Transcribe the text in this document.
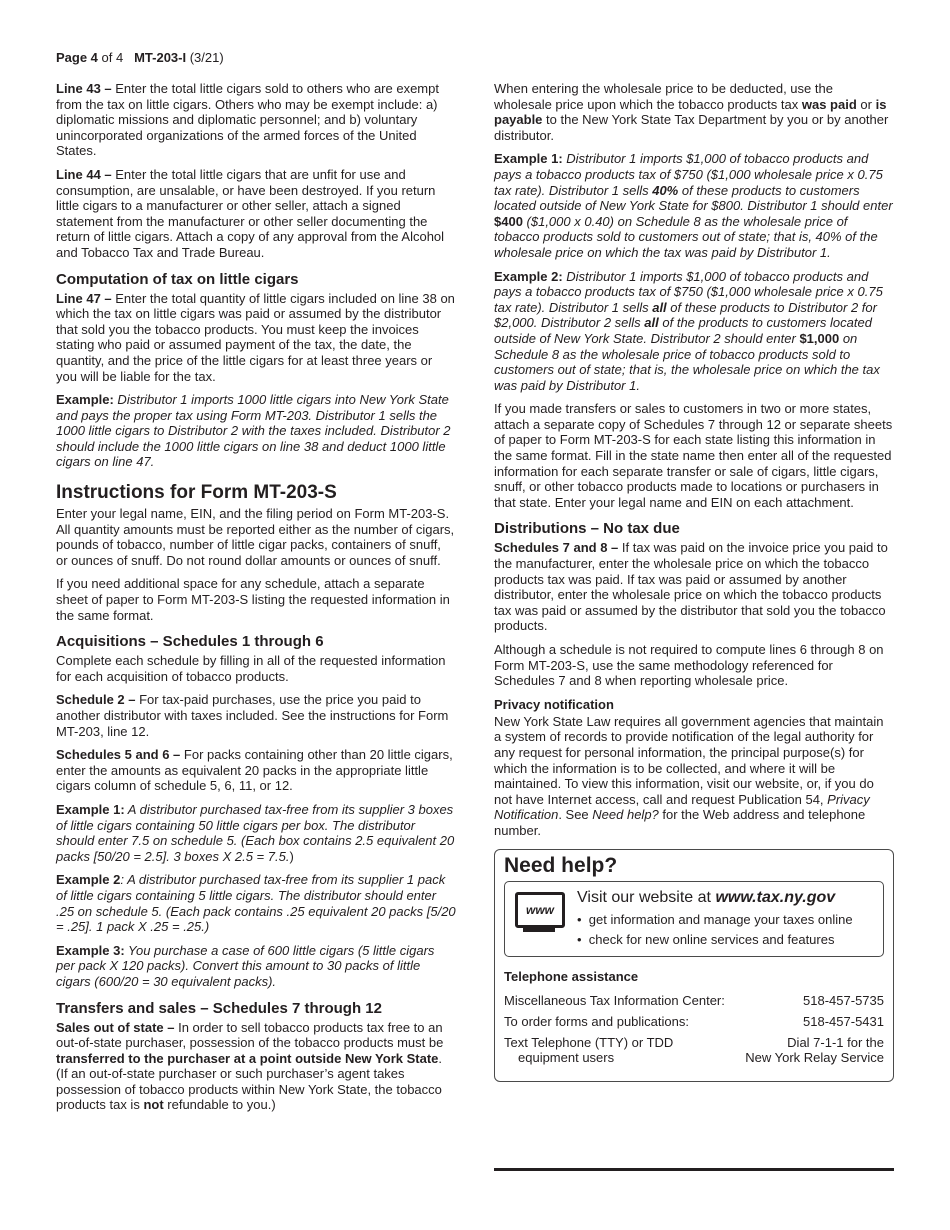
Page 4 of 4 MT-203-I (3/21)

Line 43 – Enter the total little cigars sold to others who are exempt from the tax on little cigars. Others who may be exempt include: a) diplomatic missions and diplomatic personnel; and b) voluntary unincorporated organizations of the armed forces of the United States.

Line 44 – Enter the total little cigars that are unfit for use and consumption, are unsalable, or have been destroyed. If you return little cigars to a manufacturer or other seller, attach a signed statement from the manufacturer or other seller documenting the return of little cigars. Attach a copy of any approval from the Alcohol and Tobacco Tax and Trade Bureau.

Computation of tax on little cigars

Line 47 – Enter the total quantity of little cigars included on line 38 on which the tax on little cigars was paid or assumed by the distributor that sold you the tobacco products. You must keep the invoices stating who paid or assumed payment of the tax, the date, the quantity, and the price of the little cigars for at least three years or you will be liable for the tax.

Example: Distributor 1 imports 1000 little cigars into New York State and pays the proper tax using Form MT-203. Distributor 1 sells the 1000 little cigars to Distributor 2 with the taxes included. Distributor 2 should include the 1000 little cigars on line 38 and deduct 1000 little cigars on line 47.

Instructions for Form MT-203-S

Enter your legal name, EIN, and the filing period on Form MT-203-S. All quantity amounts must be reported either as the number of cigars, pounds of tobacco, number of little cigar packs, containers of snuff, or ounces of snuff. Do not round dollar amounts or ounces of snuff.

If you need additional space for any schedule, attach a separate sheet of paper to Form MT-203-S listing the requested information in the same format.

Acquisitions – Schedules 1 through 6

Complete each schedule by filling in all of the requested information for each acquisition of tobacco products.

Schedule 2 – For tax-paid purchases, use the price you paid to another distributor with taxes included. See the instructions for Form MT-203, line 12.

Schedules 5 and 6 – For packs containing other than 20 little cigars, enter the amounts as equivalent 20 packs in the appropriate little cigars column of schedule 5, 6, 11, or 12.

Example 1: A distributor purchased tax-free from its supplier 3 boxes of little cigars containing 50 little cigars per box. The distributor should enter 7.5 on schedule 5. (Each box contains 2.5 equivalent 20 packs [50/20 = 2.5]. 3 boxes X 2.5 = 7.5.)

Example 2: A distributor purchased tax-free from its supplier 1 pack of little cigars containing 5 little cigars. The distributor should enter .25 on schedule 5. (Each pack contains .25 equivalent 20 packs [5/20 = .25]. 1 pack X .25 = .25.)

Example 3: You purchase a case of 600 little cigars (5 little cigars per pack X 120 packs). Convert this amount to 30 packs of little cigars (600/20 = 30 equivalent packs).

Transfers and sales – Schedules 7 through 12

Sales out of state – In order to sell tobacco products tax free to an out-of-state purchaser, possession of the tobacco products must be transferred to the purchaser at a point outside New York State. (If an out-of-state purchaser or such purchaser’s agent takes possession of tobacco products within New York State, the tobacco products tax is not refundable to you.)

When entering the wholesale price to be deducted, use the wholesale price upon which the tobacco products tax was paid or is payable to the New York State Tax Department by you or by another distributor.

Example 1: Distributor 1 imports $1,000 of tobacco products and pays a tobacco products tax of $750 ($1,000 wholesale price x 0.75 tax rate). Distributor 1 sells 40% of these products to customers located outside of New York State for $800. Distributor 1 should enter $400 ($1,000 x 0.40) on Schedule 8 as the wholesale price of tobacco products sold to customers out of state; that is, 40% of the wholesale price on which the tax was paid by Distributor 1.

Example 2: Distributor 1 imports $1,000 of tobacco products and pays a tobacco products tax of $750 ($1,000 wholesale price x 0.75 tax rate). Distributor 1 sells all of these products to Distributor 2 for $2,000. Distributor 2 sells all of the products to customers located outside of New York State. Distributor 2 should enter $1,000 on Schedule 8 as the wholesale price of tobacco products sold to customers out of state; that is, the wholesale price on which the tax was paid by Distributor 1.

If you made transfers or sales to customers in two or more states, attach a separate copy of Schedules 7 through 12 or separate sheets of paper to Form MT-203-S for each state listing this information in the same format. Fill in the state name then enter all of the requested information for each separate transfer or sale of cigars, little cigars, snuff, or other tobacco products made to locations or purchasers in that state. Enter your legal name and EIN on each attachment.

Distributions – No tax due

Schedules 7 and 8 – If tax was paid on the invoice price you paid to the manufacturer, enter the wholesale price on which the tobacco products tax was paid. If tax was paid or assumed by another distributor, enter the wholesale price on which the tobacco products tax was paid or assumed by the distributor that sold you the tobacco products.

Although a schedule is not required to compute lines 6 through 8 on Form MT-203-S, use the same methodology referenced for Schedules 7 and 8 when reporting wholesale price.

Privacy notification

New York State Law requires all government agencies that maintain a system of records to provide notification of the legal authority for any request for personal information, the principal purpose(s) for which the information is to be collected, and where it will be maintained. To view this information, visit our website, or, if you do not have Internet access, call and request Publication 54, Privacy Notification. See Need help? for the Web address and telephone number.

Need help?
www
Visit our website at www.tax.ny.gov
•  get information and manage your taxes online
•  check for new online services and features
Telephone assistance
Miscellaneous Tax Information Center:	518-457-5735
To order forms and publications:	518-457-5431
Text Telephone (TTY) or TDD
equipment users
Dial 7-1-1 for the
New York Relay Service
